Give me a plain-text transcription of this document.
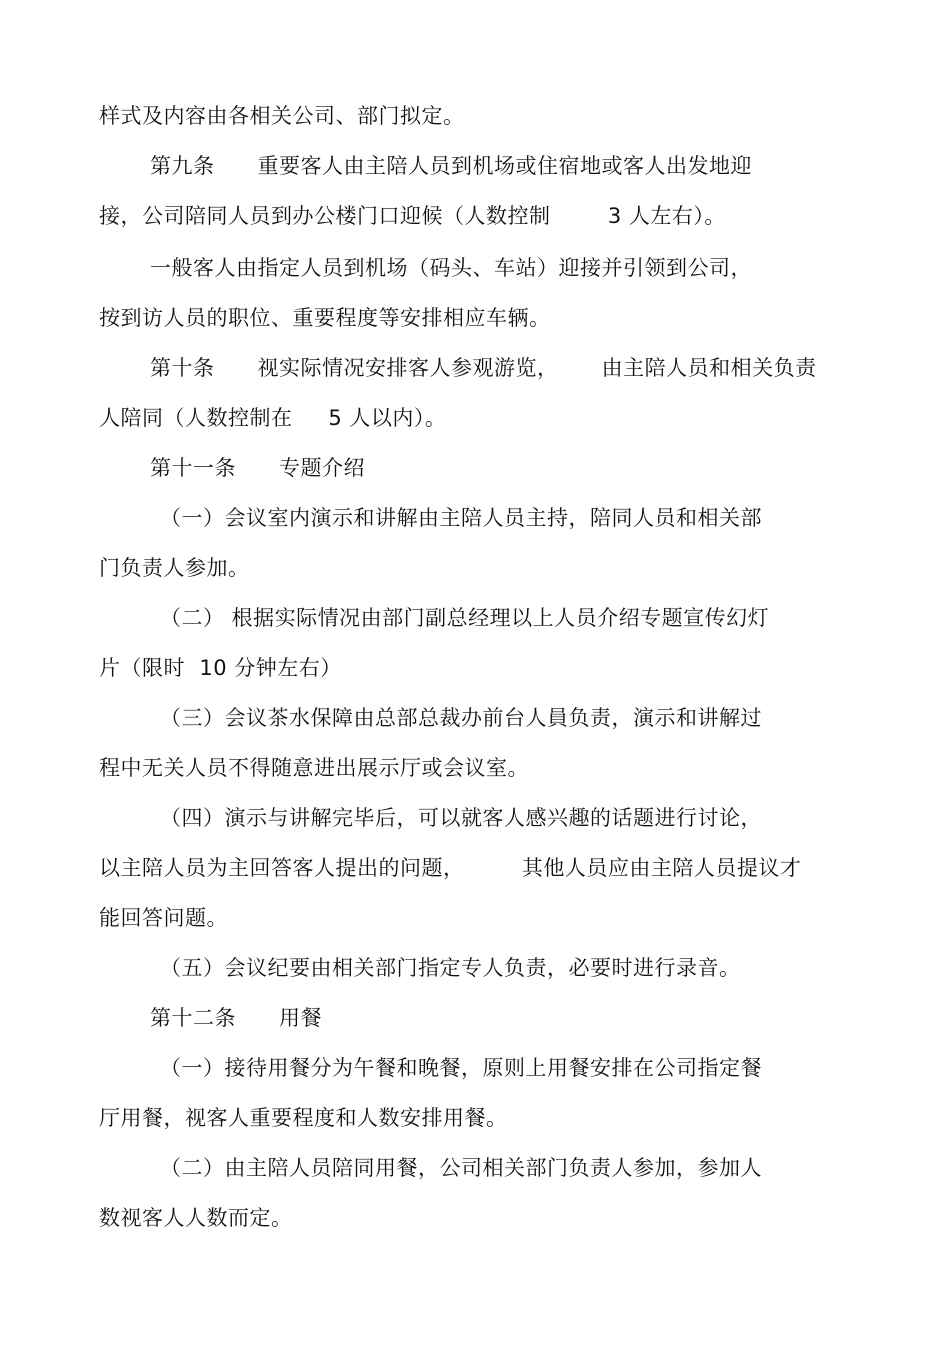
样式及内容由各相关公司、部门拟定。
第九条      重要客人由主陪人员到机场或住宿地或客人出发地迎
接，公司陪同人员到办公楼门口迎候（人数控制        3 人左右）。
一般客人由指定人员到机场（码头、车站）迎接并引领到公司，
按到访人员的职位、重要程度等安排相应车辆。
第十条      视实际情况安排客人参观游览，      由主陪人员和相关负责
人陪同（人数控制在     5 人以内）。
第十一条      专题介绍
（一）会议室内演示和讲解由主陪人员主持，陪同人员和相关部
门负责人参加。
（二） 根据实际情况由部门副总经理以上人员介绍专题宣传幻灯
片（限时  10 分钟左右）
（三）会议茶水保障由总部总裁办前台人員负责，演示和讲解过
程中无关人员不得随意进出展示厅或会议室。
（四）演示与讲解完毕后，可以就客人感兴趣的话题进行讨论，
以主陪人员为主回答客人提出的问题，        其他人员应由主陪人员提议才
能回答问题。
（五）会议纪要由相关部门指定专人负责，必要时进行录音。
第十二条      用餐
（一）接待用餐分为午餐和晚餐，原则上用餐安排在公司指定餐
厅用餐，视客人重要程度和人数安排用餐。
（二）由主陪人员陪同用餐，公司相关部门负责人参加，参加人
数视客人人数而定。
